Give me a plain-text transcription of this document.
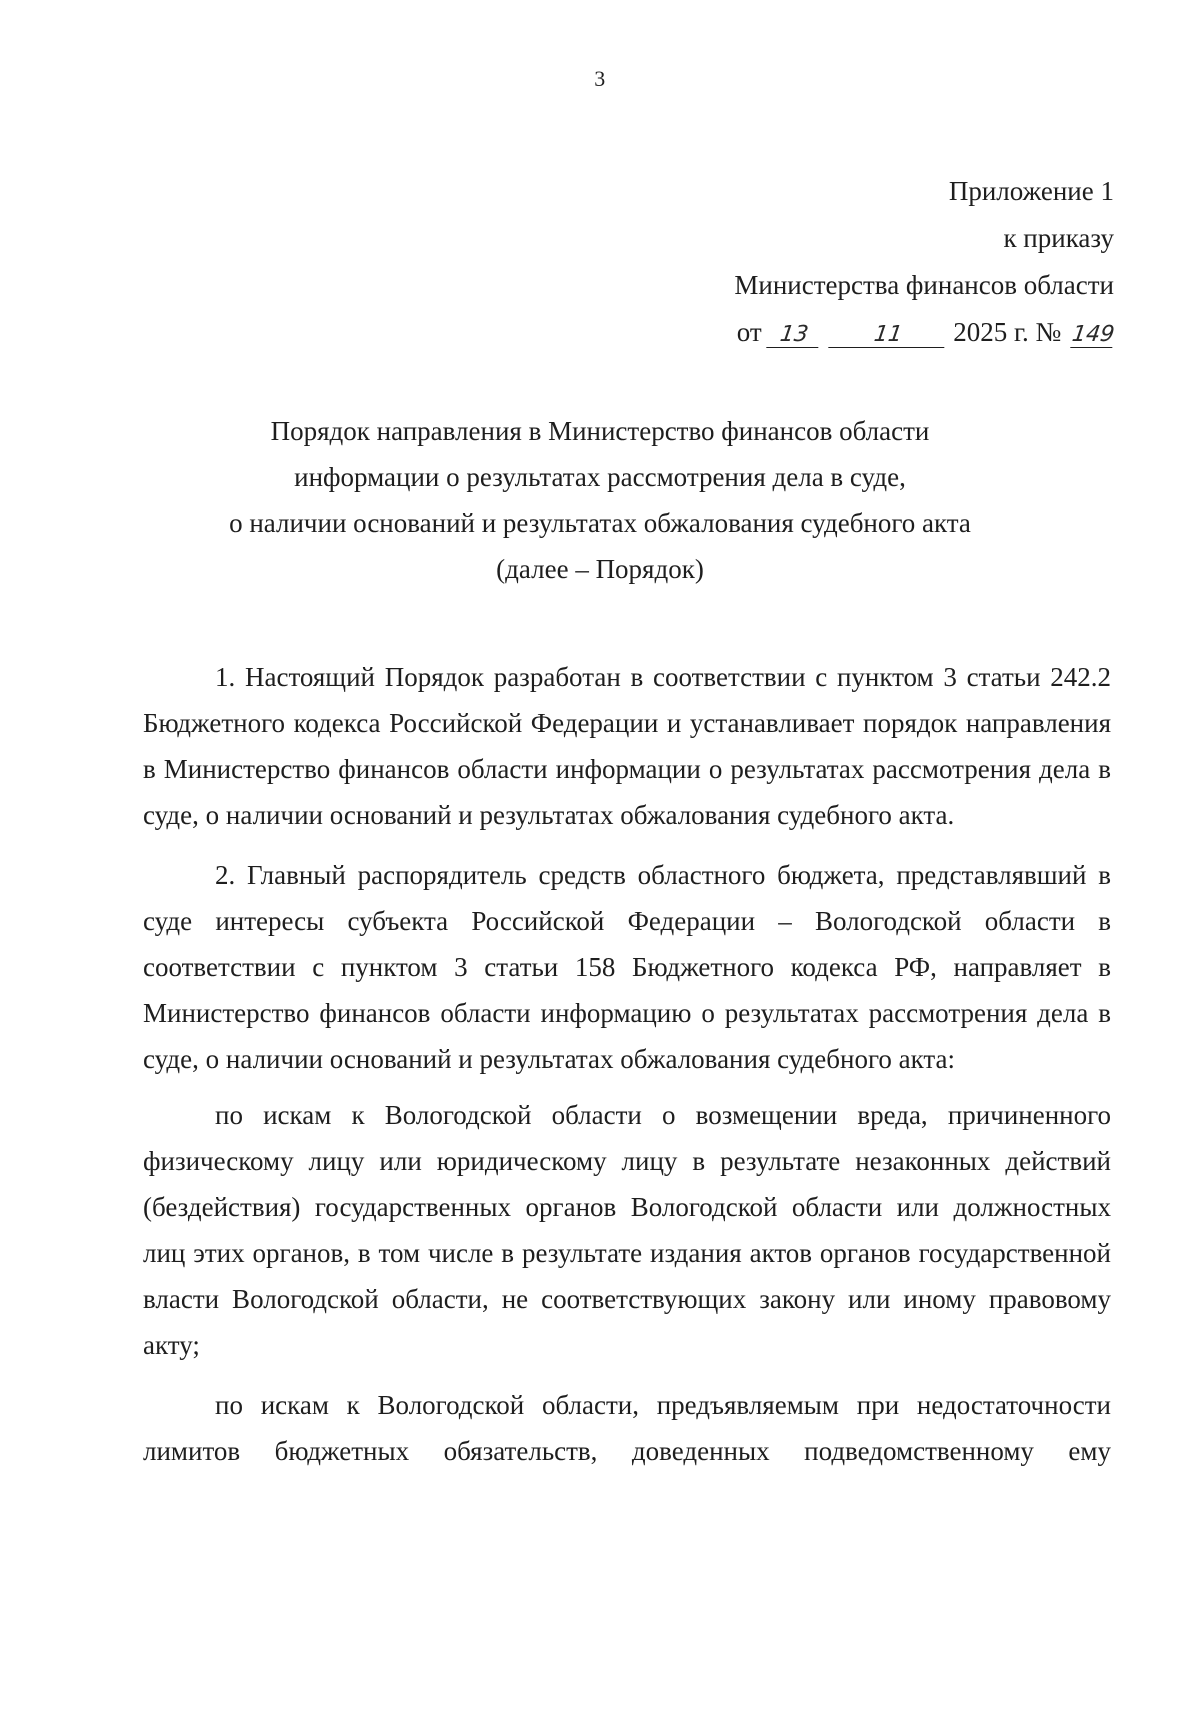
3
Приложение 1
к приказу
Министерства финансов области
от 13	11 2025 г. № 149
Порядок направления в Министерство финансов области
информации о результатах рассмотрения дела в суде,
о наличии оснований и результатах обжалования судебного акта
(далее – Порядок)

1. Настоящий Порядок разработан в соответствии с пунктом 3 статьи 242.2 Бюджетного кодекса Российской Федерации и устанавливает порядок направления в Министерство финансов области информации о результатах рассмотрения дела в суде, о наличии оснований и результатах обжалования судебного акта.

2. Главный распорядитель средств областного бюджета, представлявший в суде интересы субъекта Российской Федерации – Вологодской области в соответствии с пунктом 3 статьи 158 Бюджетного кодекса РФ, направляет в Министерство финансов области информацию о результатах рассмотрения дела в суде, о наличии оснований и результатах обжалования судебного акта:

по искам к Вологодской области о возмещении вреда, причиненного физическому лицу или юридическому лицу в результате незаконных действий (бездействия) государственных органов Вологодской области или должностных лиц этих органов, в том числе в результате издания актов органов государственной власти Вологодской области, не соответствующих закону или иному правовому акту;

по искам к Вологодской области, предъявляемым при недостаточности лимитов бюджетных обязательств, доведенных подведомственному ему
